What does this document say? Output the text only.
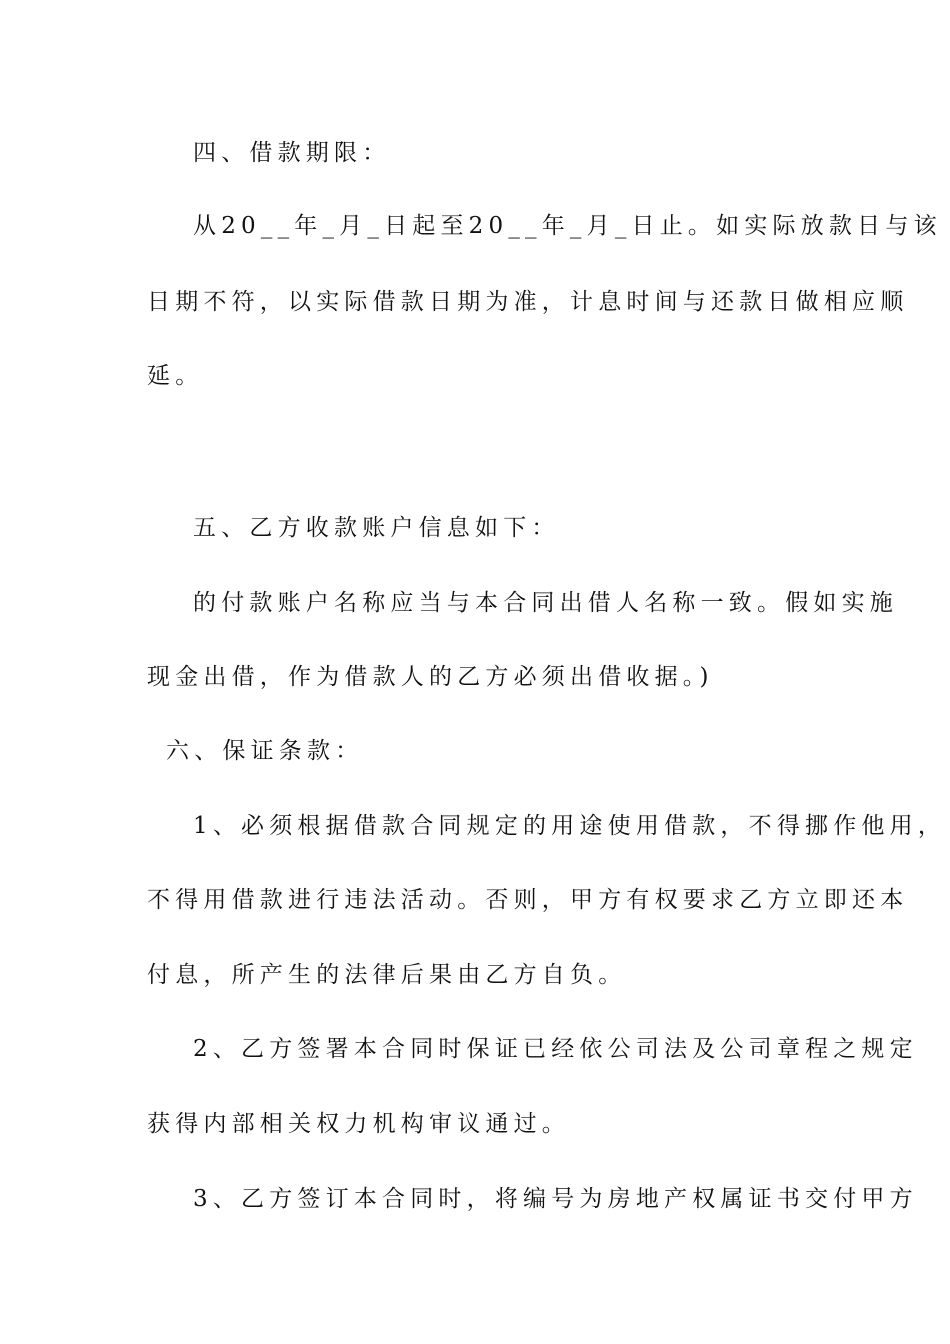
四、借款期限：
从20__年_月_日起至20__年_月_日止。如实际放款日与该
日期不符，以实际借款日期为准，计息时间与还款日做相应顺
延。
五、乙方收款账户信息如下：
的付款账户名称应当与本合同出借人名称一致。假如实施
现金出借，作为借款人的乙方必须出借收据。)
六、保证条款：
1、必须根据借款合同规定的用途使用借款，不得挪作他用，
不得用借款进行违法活动。否则，甲方有权要求乙方立即还本
付息，所产生的法律后果由乙方自负。
2、乙方签署本合同时保证已经依公司法及公司章程之规定
获得内部相关权力机构审议通过。
3、乙方签订本合同时，将编号为房地产权属证书交付甲方
